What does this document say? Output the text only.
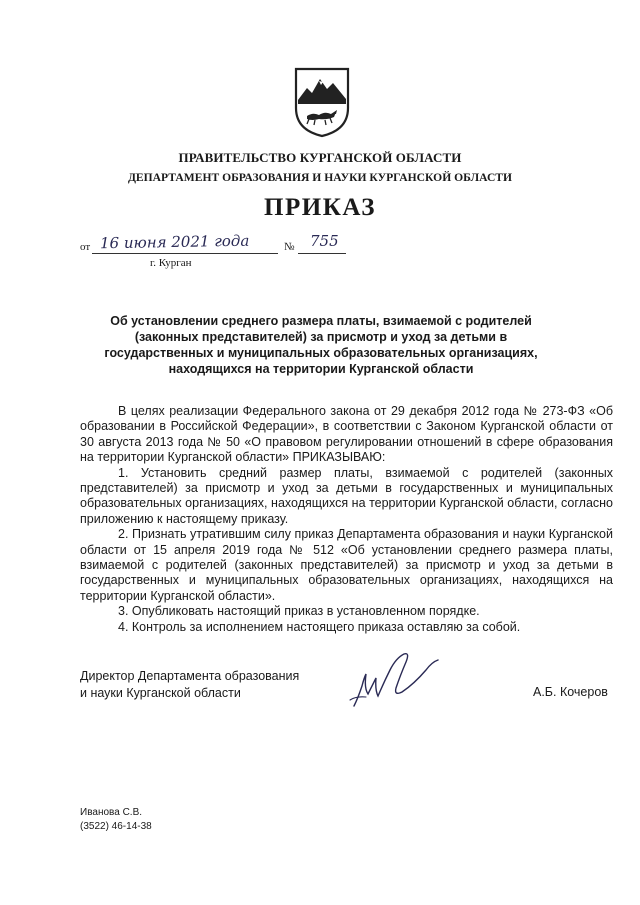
ПРАВИТЕЛЬСТВО КУРГАНСКОЙ ОБЛАСТИ
ДЕПАРТАМЕНТ ОБРАЗОВАНИЯ И НАУКИ КУРГАНСКОЙ ОБЛАСТИ
ПРИКАЗ
от 16 июня 2021 года	№ 755
г. Курган
Об установлении среднего размера платы, взимаемой с родителей (законных представителей) за присмотр и уход за детьми в государственных и муниципальных образовательных организациях, находящихся на территории Курганской области

В целях реализации Федерального закона от 29 декабря 2012 года № 273-ФЗ «Об образовании в Российской Федерации», в соответствии с Законом Курганской области от 30 августа 2013 года № 50 «О правовом регулировании отношений в сфере образования на территории Курганской области» ПРИКАЗЫВАЮ:

1. Установить средний размер платы, взимаемой с родителей (законных представителей) за присмотр и уход за детьми в государственных и муниципальных образовательных организациях, находящихся на территории Курганской области, согласно приложению к настоящему приказу.

2. Признать утратившим силу приказ Департамента образования и науки Курганской области от 15 апреля 2019 года № 512 «Об установлении среднего размера платы, взимаемой с родителей (законных представителей) за присмотр и уход за детьми в государственных и муниципальных образовательных организациях, находящихся на территории Курганской области».

3. Опубликовать настоящий приказ в установленном порядке.

4. Контроль за исполнением настоящего приказа оставляю за собой.

Директор Департамента образования
и науки Курганской области	А.Б. Кочеров
Иванова С.В.
(3522) 46-14-38
